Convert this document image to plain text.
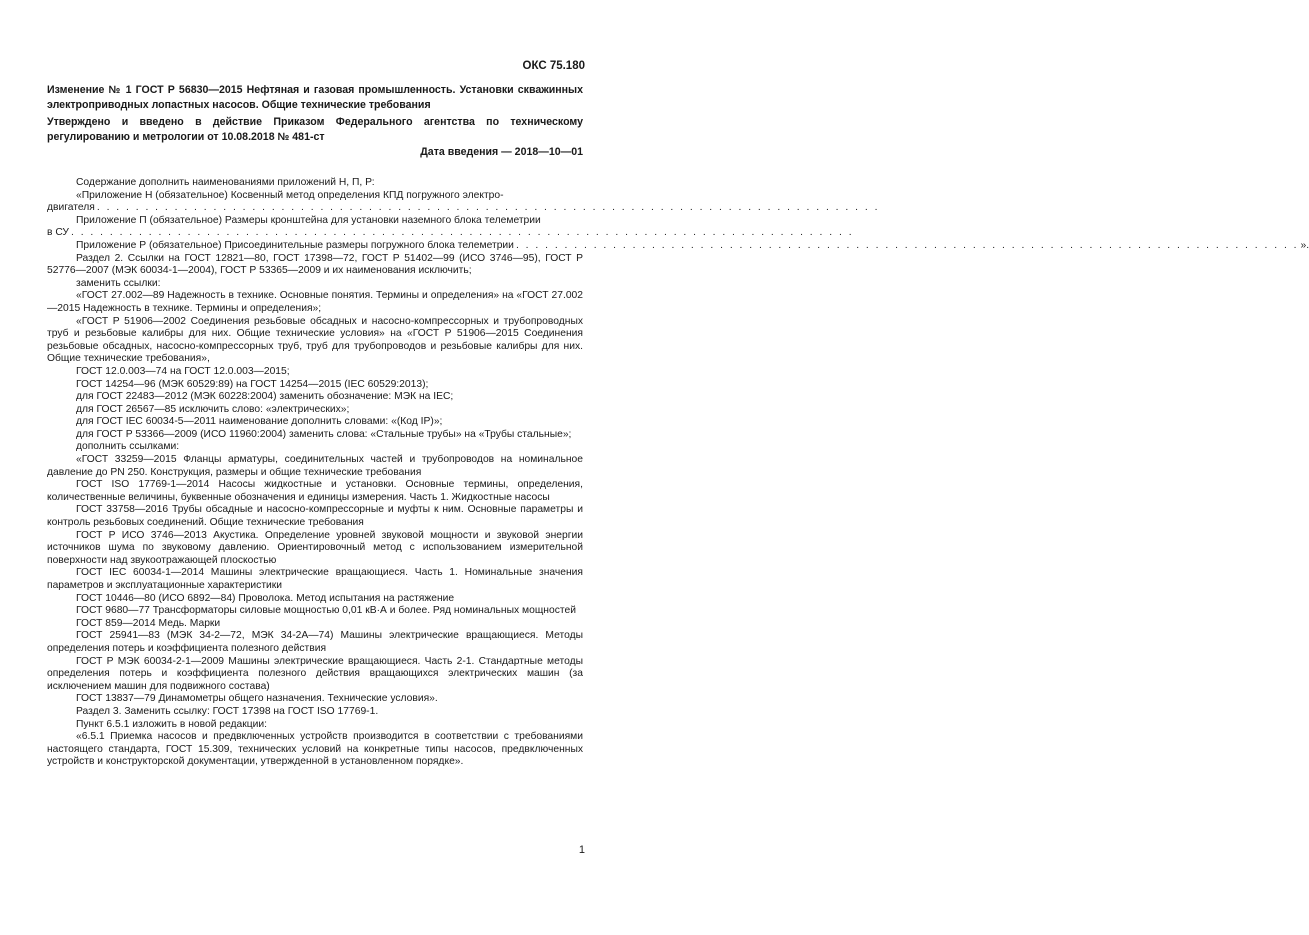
ОКС 75.180
Изменение № 1 ГОСТ Р 56830—2015 Нефтяная и газовая промышленность. Установки скважинных электроприводных лопастных насосов. Общие технические требования
Утверждено и введено в действие Приказом Федерального агентства по техническому регулированию и метрологии от 10.08.2018 № 481-ст
Дата введения — 2018—10—01

Содержание дополнить наименованиями приложений Н, П, Р:

«Приложение Н (обязательное) Косвенный метод определения КПД погружного электро-

двигателя . . . . . . . . . . . . . . . . . . . . . . . . . . . . . . . . . . . . . . . . . . . . . . . . . . . . . . . . . . . . . . . . . . . . . . . . . . . . . . . . .

Приложение П (обязательное) Размеры кронштейна для установки наземного блока телеметрии

в СУ . . . . . . . . . . . . . . . . . . . . . . . . . . . . . . . . . . . . . . . . . . . . . . . . . . . . . . . . . . . . . . . . . . . . . . . . . . . . . . . . .
Приложение Р (обязательное) Присоединительные размеры погружного блока телеметрии . . . . . . . . . . . . . . . . . . . . . . . . . . . . . . . . . . . . . . . . . . . . . . . . . . . . . . . . . . . . . . . . . . . . . . . . . . . . . . . . . ».

Раздел 2. Ссылки на ГОСТ 12821—80, ГОСТ 17398—72, ГОСТ Р 51402—99 (ИСО 3746—95), ГОСТ Р 52776—2007 (МЭК 60034-1—2004), ГОСТ Р 53365—2009 и их наименования исключить;

заменить ссылки:

«ГОСТ 27.002—89 Надежность в технике. Основные понятия. Термины и определения» на «ГОСТ 27.002—2015 Надежность в технике. Термины и определения»;

«ГОСТ Р 51906—2002 Соединения резьбовые обсадных и насосно-компрессорных и трубопроводных труб и резьбовые калибры для них. Общие технические условия» на «ГОСТ Р 51906—2015 Соединения резьбовые обсадных, насосно-компрессорных труб, труб для трубопроводов и резьбовые калибры для них. Общие технические требования»,

ГОСТ 12.0.003—74 на ГОСТ 12.0.003—2015;

ГОСТ 14254—96 (МЭК 60529:89) на ГОСТ 14254—2015 (IEC 60529:2013);

для ГОСТ 22483—2012 (МЭК 60228:2004) заменить обозначение: МЭК на IEC;

для ГОСТ 26567—85 исключить слово: «электрических»;

для ГОСТ IEC 60034-5—2011 наименование дополнить словами: «(Код IP)»;

для ГОСТ Р 53366—2009 (ИСО 11960:2004) заменить слова: «Стальные трубы» на «Трубы стальные»;

дополнить ссылками:

«ГОСТ 33259—2015 Фланцы арматуры, соединительных частей и трубопроводов на номинальное давление до PN 250. Конструкция, размеры и общие технические требования

ГОСТ ISO 17769-1—2014 Насосы жидкостные и установки. Основные термины, определения, количественные величины, буквенные обозначения и единицы измерения. Часть 1. Жидкостные насосы

ГОСТ 33758—2016 Трубы обсадные и насосно-компрессорные и муфты к ним. Основные параметры и контроль резьбовых соединений. Общие технические требования

ГОСТ Р ИСО 3746—2013 Акустика. Определение уровней звуковой мощности и звуковой энергии источников шума по звуковому давлению. Ориентировочный метод с использованием измерительной поверхности над звукоотражающей плоскостью

ГОСТ IEC 60034-1—2014 Машины электрические вращающиеся. Часть 1. Номинальные значения параметров и эксплуатационные характеристики

ГОСТ 10446—80 (ИСО 6892—84) Проволока. Метод испытания на растяжение

ГОСТ 9680—77 Трансформаторы силовые мощностью 0,01 кВ·А и более. Ряд номинальных мощностей

ГОСТ 859—2014 Медь. Марки

ГОСТ 25941—83 (МЭК 34-2—72, МЭК 34-2А—74) Машины электрические вращающиеся. Методы определения потерь и коэффициента полезного действия

ГОСТ Р МЭК 60034-2-1—2009 Машины электрические вращающиеся. Часть 2-1. Стандартные методы определения потерь и коэффициента полезного действия вращающихся электрических машин (за исключением машин для подвижного состава)

ГОСТ 13837—79 Динамометры общего назначения. Технические условия».

Раздел 3. Заменить ссылку: ГОСТ 17398 на ГОСТ ISO 17769-1.

Пункт 6.5.1 изложить в новой редакции:

«6.5.1 Приемка насосов и предвключенных устройств производится в соответствии с требованиями настоящего стандарта, ГОСТ 15.309, технических условий на конкретные типы насосов, предвключенных устройств и конструкторской документации, утвержденной в установленном порядке».

1
